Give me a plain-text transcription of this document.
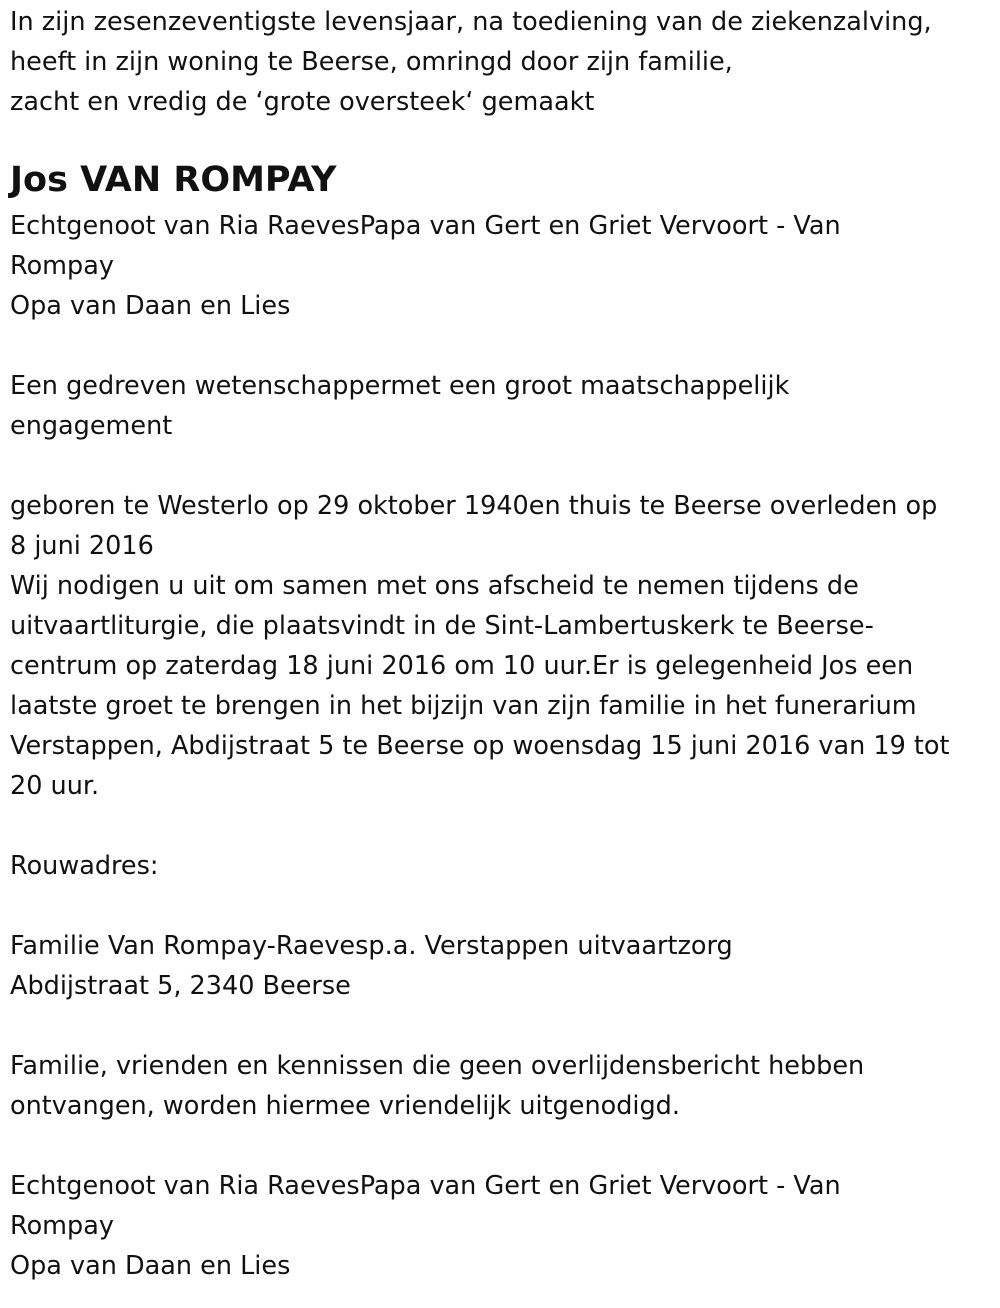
In zijn zesenzeventigste levensjaar, na toediening van de ziekenzalving,

heeft in zijn woning te Beerse, omringd door zijn familie,

zacht en vredig de ‘grote oversteek‘ gemaakt

Jos VAN ROMPAY

Echtgenoot van Ria RaevesPapa van Gert en Griet Vervoort - Van

Rompay

Opa van Daan en Lies

Een gedreven wetenschappermet een groot maatschappelijk

engagement

geboren te Westerlo op 29 oktober 1940en thuis te Beerse overleden op

8 juni 2016

Wij nodigen u uit om samen met ons afscheid te nemen tijdens de

uitvaartliturgie, die plaatsvindt in de Sint-Lambertuskerk te Beerse-

centrum op zaterdag 18 juni 2016 om 10 uur.Er is gelegenheid Jos een

laatste groet te brengen in het bijzijn van zijn familie in het funerarium

Verstappen, Abdijstraat 5 te Beerse op woensdag 15 juni 2016 van 19 tot

20 uur.

Rouwadres:

Familie Van Rompay-Raevesp.a. Verstappen uitvaartzorg

Abdijstraat 5, 2340 Beerse

Familie, vrienden en kennissen die geen overlijdensbericht hebben

ontvangen, worden hiermee vriendelijk uitgenodigd.

Echtgenoot van Ria RaevesPapa van Gert en Griet Vervoort - Van

Rompay

Opa van Daan en Lies
